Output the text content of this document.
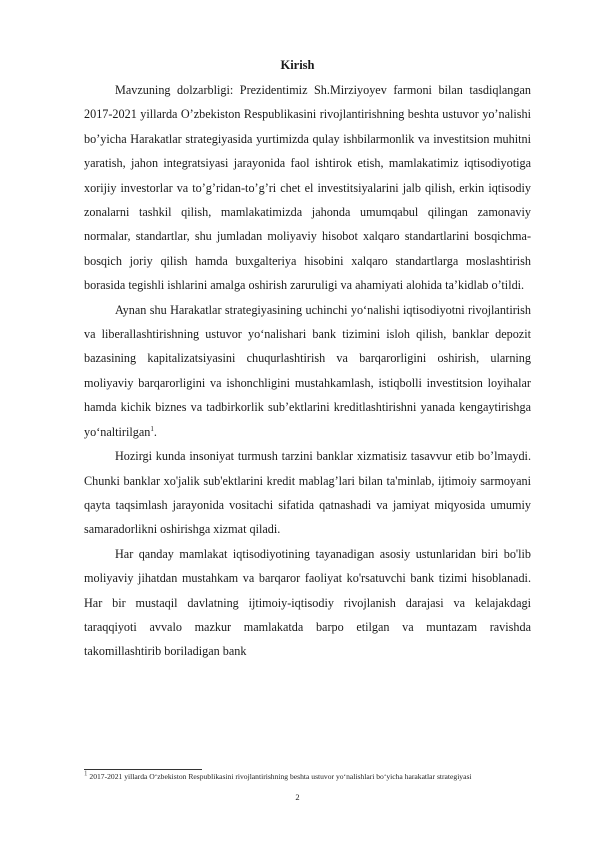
Kirish

Mavzuning dolzarbligi: Prezidentimiz Sh.Mirziyoyev farmoni bilan tasdiqlangan 2017-2021 yillarda O’zbekiston Respublikasini rivojlantirishning beshta ustuvor yo’nalishi bo’yicha Harakatlar strategiyasida yurtimizda qulay ishbilarmonlik va investitsion muhitni yaratish, jahon integratsiyasi jarayonida faol ishtirok etish, mamlakatimiz iqtisodiyotiga xorijiy investorlar va to’g’ridan-to’g’ri chet el investitsiyalarini jalb qilish, erkin iqtisodiy zonalarni tashkil qilish, mamlakatimizda jahonda umumqabul qilingan zamonaviy normalar, standartlar, shu jumladan moliyaviy hisobot xalqaro standartlarini bosqichma-bosqich joriy qilish hamda buxgalteriya hisobini xalqaro standartlarga moslashtirish borasida tegishli ishlarini amalga oshirish zaruruligi va ahamiyati alohida ta’kidlab o’tildi.

Aynan shu Harakatlar strategiyasining uchinchi yo‘nalishi iqtisodiyotni rivojlantirish va liberallashtirishning ustuvor yo‘nalishari bank tizimini isloh qilish, banklar depozit bazasining kapitalizatsiyasini chuqurlashtirish va barqarorligini oshirish, ularning moliyaviy barqarorligini va ishonchligini mustahkamlash, istiqbolli investitsion loyihalar hamda kichik biznes va tadbirkorlik sub’ektlarini kreditlashtirishni yanada kengaytirishga yo‘naltirilgan$^1$.

Hozirgi kunda insoniyat turmush tarzini banklar xizmatisiz tasavvur etib bo’lmaydi. Chunki banklar xo'jalik sub'ektlarini kredit mablag’lari bilan ta'minlab, ijtimoiy sarmoyani qayta taqsimlash jarayonida vositachi sifatida qatnashadi va jamiyat miqyosida umumiy samaradorlikni oshirishga xizmat qiladi.

Har qanday mamlakat iqtisodiyotining tayanadigan asosiy ustunlaridan biri bo'lib moliyaviy jihatdan mustahkam va barqaror faoliyat ko'rsatuvchi bank tizimi hisoblanadi. Har bir mustaqil davlatning ijtimoiy-iqtisodiy rivojlanish darajasi va kelajakdagi taraqqiyoti avvalo mazkur mamlakatda barpo etilgan va muntazam ravishda takomillashtirib boriladigan bank

$^1$ 2017-2021 yillarda O‘zbekiston Respublikasini rivojlantirishning beshta ustuvor yo‘nalishlari bo‘yicha harakatlar strategiyasi
2
